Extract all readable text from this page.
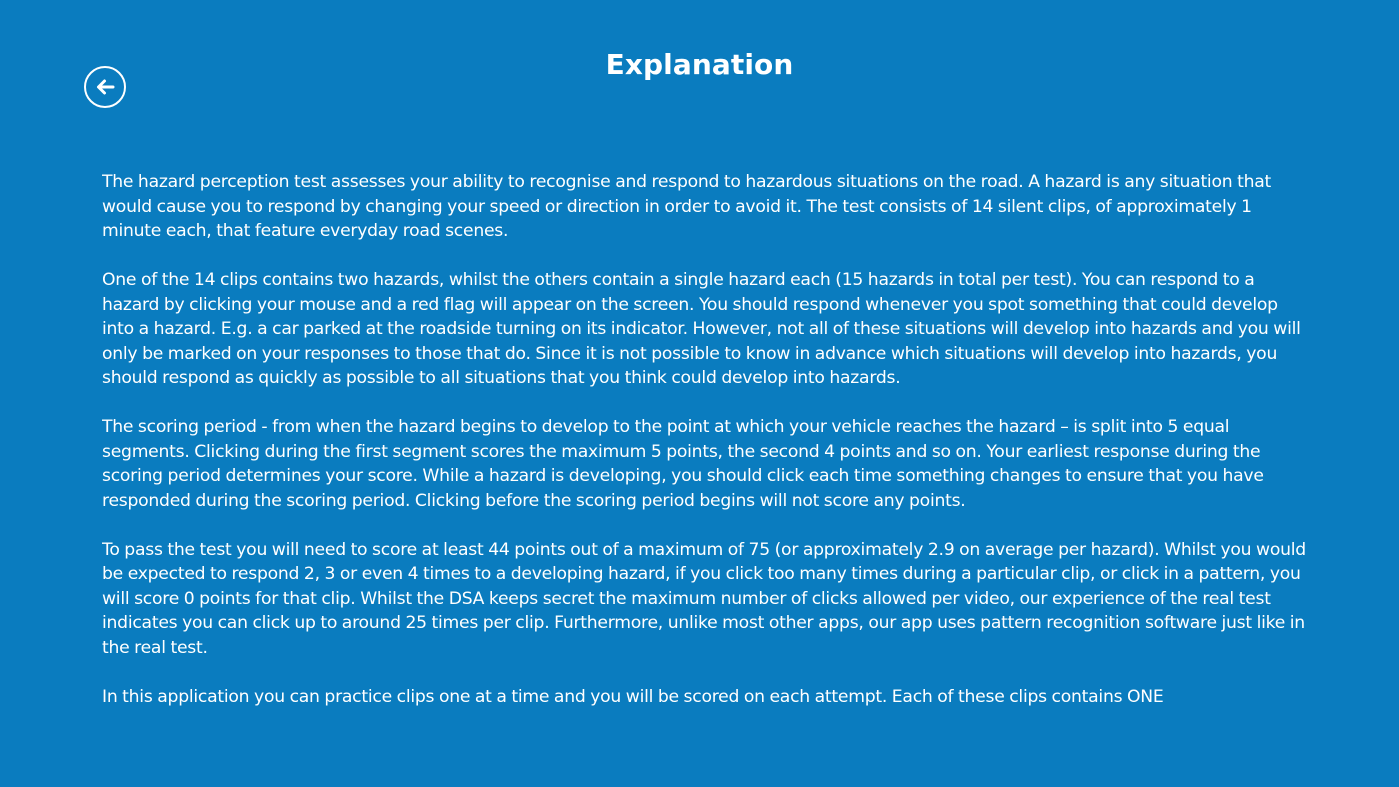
Explanation

The hazard perception test assesses your ability to recognise and respond to hazardous situations on the road. A hazard is any situation that would cause you to respond by changing your speed or direction in order to avoid it. The test consists of 14 silent clips, of approximately 1 minute each, that feature everyday road scenes.

One of the 14 clips contains two hazards, whilst the others contain a single hazard each (15 hazards in total per test). You can respond to a hazard by clicking your mouse and a red flag will appear on the screen. You should respond whenever you spot something that could develop into a hazard. E.g. a car parked at the roadside turning on its indicator. However, not all of these situations will develop into hazards and you will only be marked on your responses to those that do. Since it is not possible to know in advance which situations will develop into hazards, you should respond as quickly as possible to all situations that you think could develop into hazards.

The scoring period - from when the hazard begins to develop to the point at which your vehicle reaches the hazard – is split into 5 equal segments. Clicking during the first segment scores the maximum 5 points, the second 4 points and so on. Your earliest response during the scoring period determines your score. While a hazard is developing, you should click each time something changes to ensure that you have responded during the scoring period. Clicking before the scoring period begins will not score any points.

To pass the test you will need to score at least 44 points out of a maximum of 75 (or approximately 2.9 on average per hazard). Whilst you would be expected to respond 2, 3 or even 4 times to a developing hazard, if you click too many times during a particular clip, or click in a pattern, you will score 0 points for that clip. Whilst the DSA keeps secret the maximum number of clicks allowed per video, our experience of the real test indicates you can click up to around 25 times per clip. Furthermore, unlike most other apps, our app uses pattern recognition software just like in the real test.

In this application you can practice clips one at a time and you will be scored on each attempt. Each of these clips contains ONE
